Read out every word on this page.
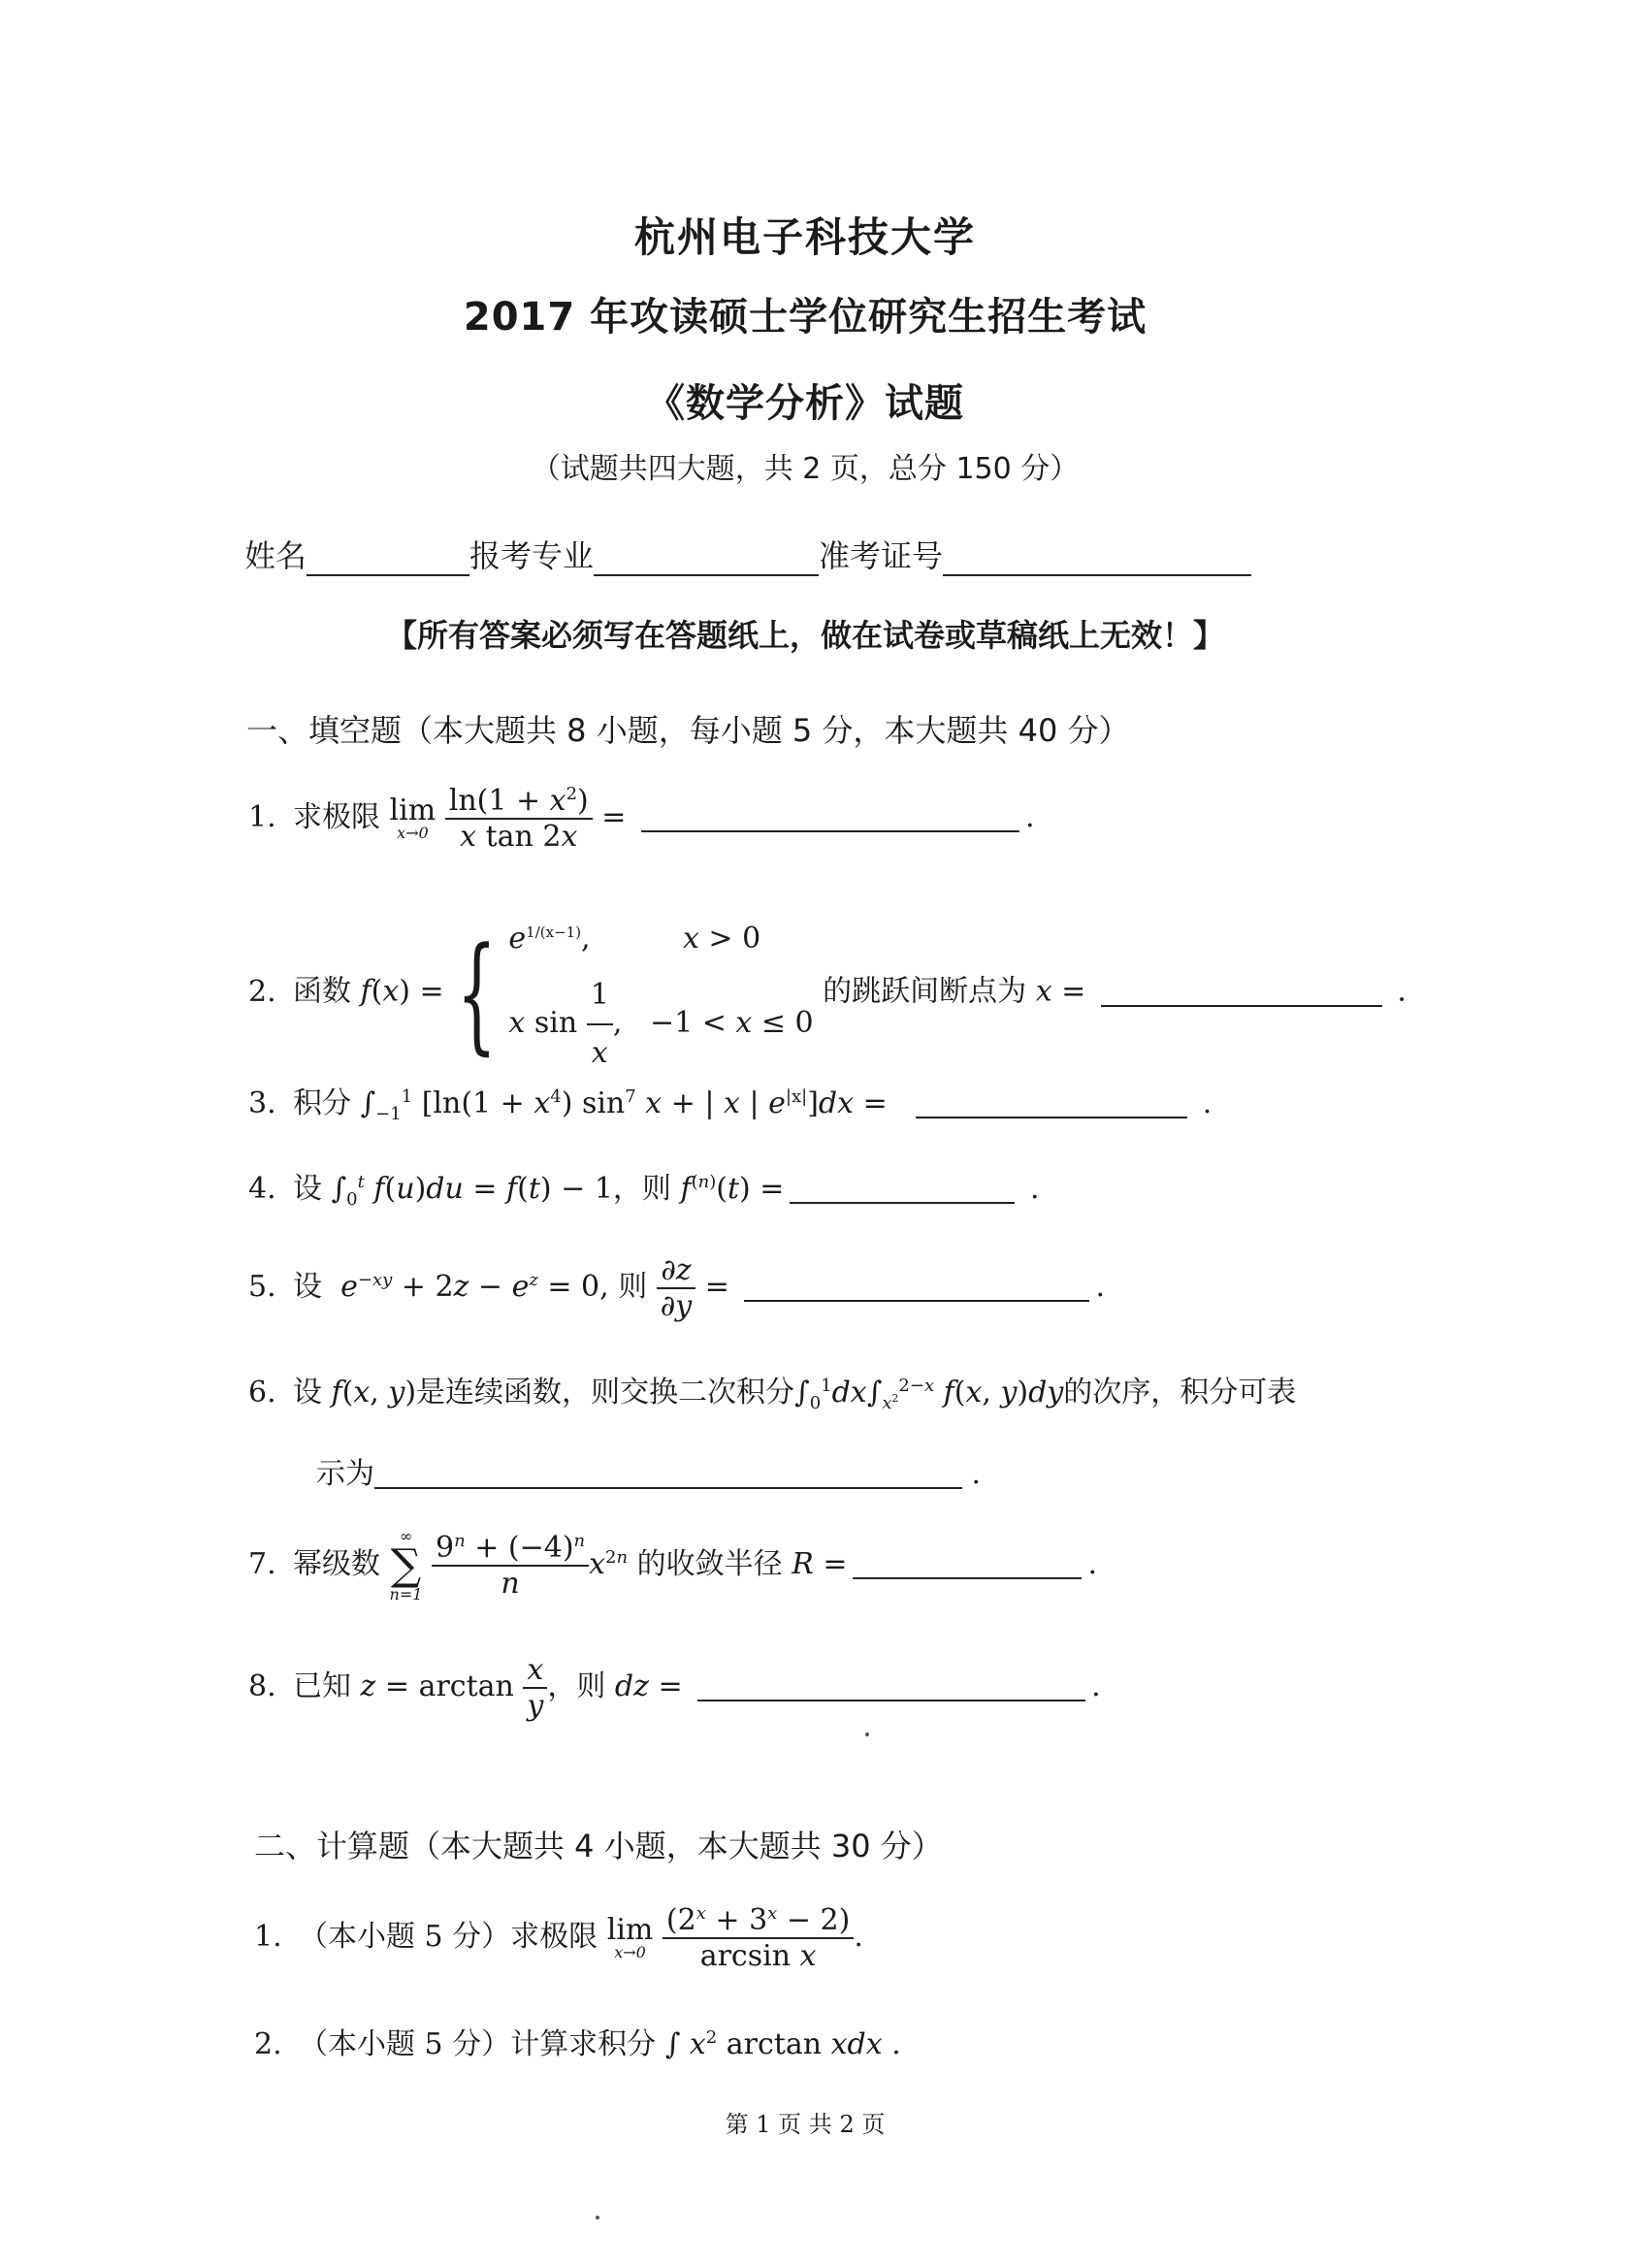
杭州电子科技大学
2017 年攻读硕士学位研究生招生考试
《数学分析》试题
（试题共四大题，共 2 页，总分 150 分）
姓名	报考专业	准考证号
【所有答案必须写在答题纸上，做在试卷或草稿纸上无效！】
一、填空题（本大题共 8 小题，每小题 5 分，本大题共 40 分）
1. 求极限 lim
x→0
$\frac{\ln(1 + x^2)}{\text{x tan 2x}}$ =	.
2. 函数 f(x) ={ $e^{1/(x-1)}$,          x > 0
x $\sin \frac{1}{x}$ ,   −1 < x ≤ 0
的跳跃间断点为 x =	.
3. 积分 $\int_{-1}^1$ [$\ln(1 + x^4)$ $\sin^7 x$ + | x | $e^{|x|}]dx$ =	.
4. 设 $\int_0^t$ f(u)du = f(t) − 1，则 $f^{(n)}(t)$ =	.
5. 设 $e^{-xy} + 2z - e^z = 0$, 则 $\frac{\partial z}{\partial y}$ =	.
6. 设 f(x, y)是连续函数，则交换二次积分$\int_0^1dx\int_{x^2}^{2-x}$ f(x, y)dy的次序，积分可表
示为	.
7. 幂级数
∞
∑
n=1
$\frac{9^n + (-4)^n}{n} x^{2n}$ 的收敛半径 R =	.
8. 已知 $z = \arctan \frac{x}{y}$ ，则 dz =	.
二、计算题（本大题共 4 小题，本大题共 30 分）
1. （本小题 5 分）求极限 lim
x→0
$\frac{(2^x + 3^x - 2)}{\text{arcsin x}}$ .
2. （本小题 5 分）计算求积分 ∫ $x^2$ arctan xdx .
第 1 页 共 2 页
